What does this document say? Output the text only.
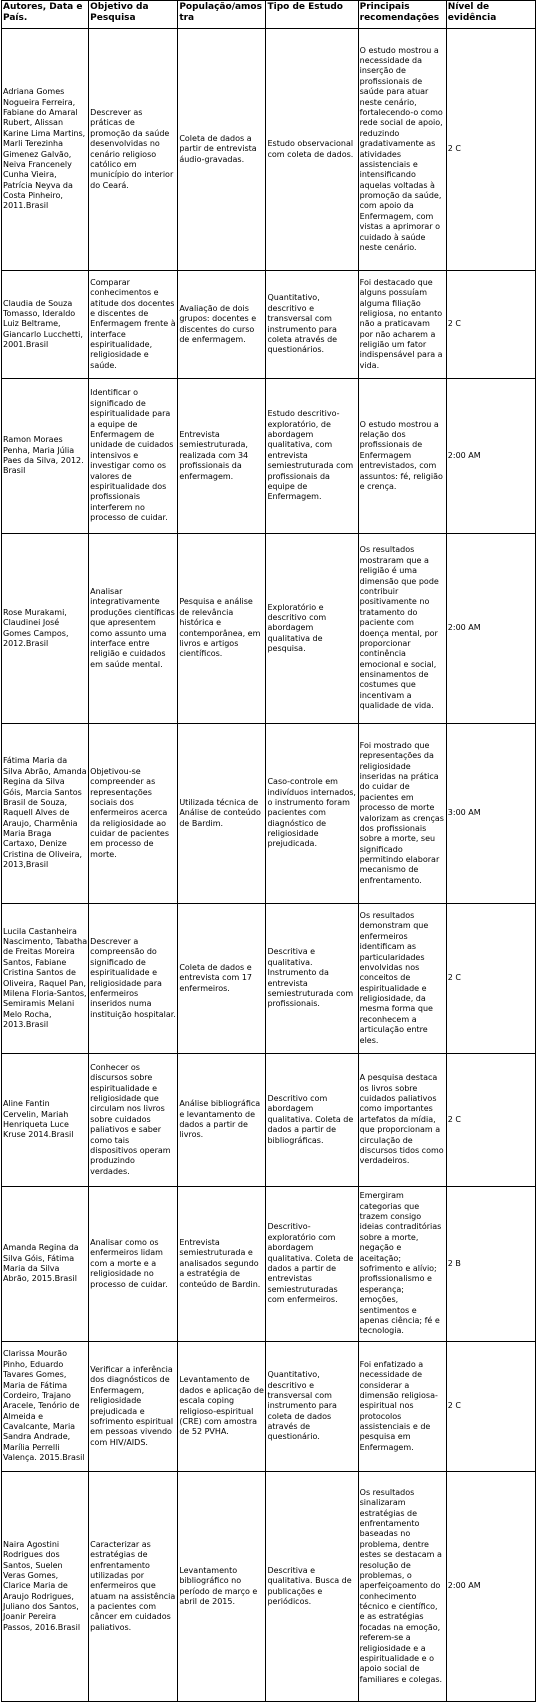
Autores, Data e País.	Objetivo da Pesquisa	População/amostra	Tipo de Estudo	Principais recomendações	Nível de evidência
Adriana Gomes Nogueira Ferreira, Fabiane do Amaral Rubert, Alissan Karine Lima Martins, Marli Terezinha Gimenez Galvão, Neiva Francenely Cunha Vieira, Patrícia Neyva da Costa Pinheiro, 2011.Brasil	Descrever as práticas de promoção da saúde desenvolvidas no cenário religioso católico em município do interior do Ceará.	Coleta de dados a partir de entrevista áudio-gravadas.	Estudo observacional com coleta de dados.	O estudo mostrou a necessidade da inserção de profissionais de saúde para atuar neste cenário, fortalecendo-o como rede social de apoio, reduzindo gradativamente as atividades assistenciais e intensificando aquelas voltadas à promoção da saúde, com apoio da Enfermagem, com vistas a aprimorar o cuidado à saúde neste cenário.	2 C
Claudia de Souza Tomasso, Ideraldo Luiz Beltrame, Giancarlo Lucchetti, 2001.Brasil	Comparar conhecimentos e atitude dos docentes e discentes de Enfermagem frente à interface espiritualidade, religiosidade e saúde.	Avaliação de dois grupos: docentes e discentes do curso de enfermagem.	Quantitativo, descritivo e transversal com instrumento para coleta através de questionários.	Foi destacado que alguns possuíam alguma filiação religiosa, no entanto não a praticavam por não acharem a religião um fator indispensável para a vida.	2 C
Ramon Moraes Penha, Maria Júlia Paes da Silva, 2012. Brasil	Identificar o significado de espiritualidade para a equipe de Enfermagem de unidade de cuidados intensivos e investigar como os valores de espiritualidade dos profissionais interferem no processo de cuidar.	Entrevista semiestruturada, realizada com 34 profissionais da enfermagem.	Estudo descritivo-exploratório, de abordagem qualitativa, com entrevista semiestruturada com profissionais da equipe de Enfermagem.	O estudo mostrou a relação dos profissionais de Enfermagem entrevistados, com assuntos: fé, religião e crença.	2:00 AM
Rose Murakami, Claudinei José Gomes Campos, 2012.Brasil	Analisar integrativamente produções científicas que apresentem como assunto uma interface entre religião e cuidados em saúde mental.	Pesquisa e análise de relevância histórica e contemporânea, em livros e artigos científicos.	Exploratório e descritivo com abordagem qualitativa de pesquisa.	Os resultados mostraram que a religião é uma dimensão que pode contribuir positivamente no tratamento do paciente com doença mental, por proporcionar continência emocional e social, ensinamentos de costumes que incentivam a qualidade de vida.	2:00 AM
Fátima Maria da Silva Abrão, Amanda Regina da Silva Góis, Marcia Santos Brasil de Souza, Raquell Alves de Araujo, Charmênia Maria Braga Cartaxo, Denize Cristina de Oliveira, 2013,Brasil	Objetivou-se compreender as representações sociais dos enfermeiros acerca da religiosidade ao cuidar de pacientes em processo de morte.	Utilizada técnica de Análise de conteúdo de Bardim.	Caso-controle em indivíduos internados, o instrumento foram pacientes com diagnóstico de religiosidade prejudicada.	Foi mostrado que representações da religiosidade inseridas na prática do cuidar de pacientes em processo de morte valorizam as crenças dos profissionais sobre a morte, seu significado permitindo elaborar mecanismo de enfrentamento.	3:00 AM
Lucila Castanheira Nascimento, Tabatha de Freitas Moreira Santos, Fabiane Cristina Santos de Oliveira, Raquel Pan, Milena Floria-Santos, Semiramis Melani Melo Rocha, 2013.Brasil	Descrever a compreensão do significado de espiritualidade e religiosidade para enfermeiros inseridos numa instituição hospitalar.	Coleta de dados e entrevista com 17 enfermeiros.	Descritiva e qualitativa. Instrumento da entrevista semiestruturada com profissionais.	Os resultados demonstram que enfermeiros identificam as particularidades envolvidas nos conceitos de espiritualidade e religiosidade, da mesma forma que reconhecem a articulação entre eles.	2 C
Aline Fantin Cervelin, Mariah Henriqueta Luce Kruse 2014.Brasil	Conhecer os discursos sobre espiritualidade e religiosidade que circulam nos livros sobre cuidados paliativos e saber como tais dispositivos operam produzindo verdades.	Análise bibliográfica e levantamento de dados a partir de livros.	Descritivo com abordagem qualitativa. Coleta de dados a partir de bibliográficas.	A pesquisa destaca os livros sobre cuidados paliativos como importantes artefatos da mídia, que proporcionam a circulação de discursos tidos como verdadeiros.	2 C
Amanda Regina da Silva Góis, Fátima Maria da Silva Abrão, 2015.Brasil	Analisar como os enfermeiros lidam com a morte e a religiosidade no processo de cuidar.	Entrevista semiestruturada e analisados segundo a estratégia de conteúdo de Bardin.	Descritivo-exploratório com abordagem qualitativa. Coleta de dados a partir de entrevistas semiestruturadas com enfermeiros.	Emergiram categorias que trazem consigo ideias contraditórias sobre a morte, negação e aceitação; sofrimento e alívio; profissionalismo e esperança; emoções, sentimentos e apenas ciência; fé e tecnologia.	2 B
Clarissa Mourão Pinho, Eduardo Tavares Gomes, Maria de Fátima Cordeiro, Trajano Aracele, Tenório de Almeida e Cavalcante, Maria Sandra Andrade, Marília Perrelli Valença. 2015.Brasil	Verificar a inferência dos diagnósticos de Enfermagem, religiosidade prejudicada e sofrimento espiritual em pessoas vivendo com HIV/AIDS.	Levantamento de dados e aplicação de escala coping religioso-espiritual (CRE) com amostra de 52 PVHA.	Quantitativo, descritivo e transversal com instrumento para coleta de dados através de questionário.	Foi enfatizado a necessidade de considerar a dimensão religiosa-espiritual nos protocolos assistenciais e de pesquisa em Enfermagem.	2 C
Naira Agostini Rodrigues dos Santos, Suelen Veras Gomes, Clarice Maria de Araujo Rodrigues, Juliano dos Santos, Joanir Pereira Passos, 2016.Brasil	Caracterizar as estratégias de enfrentamento utilizadas por enfermeiros que atuam na assistência a pacientes com câncer em cuidados paliativos.	Levantamento bibliográfico no período de março e abril de 2015.	Descritiva e qualitativa. Busca de publicações e periódicos.	Os resultados sinalizaram estratégias de enfrentamento baseadas no problema, dentre estes se destacam a resolução de problemas, o aperfeiçoamento do conhecimento técnico e científico, e as estratégias focadas na emoção, referem-se a religiosidade e a espiritualidade e o apoio social de familiares e colegas.	2:00 AM
